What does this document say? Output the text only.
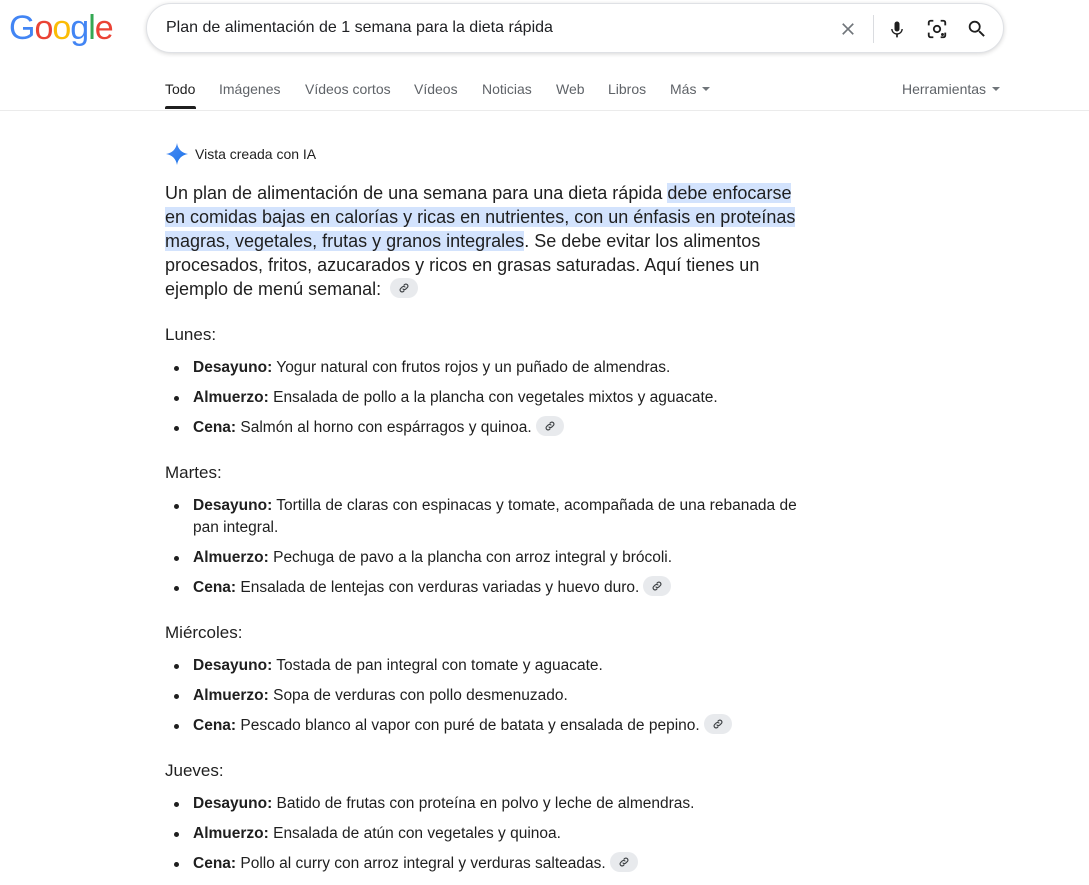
Google	Plan de alimentación de 1 semana para la dieta rápida
Todo Imágenes Vídeos cortos Vídeos Noticias Web Libros Más	Herramientas
Vista creada con IA
Un plan de alimentación de una semana para una dieta rápida debe enfocarse en comidas bajas en calorías y ricas en nutrientes, con un énfasis en proteínas magras, vegetales, frutas y granos integrales. Se debe evitar los alimentos procesados, fritos, azucarados y ricos en grasas saturadas. Aquí tienes un ejemplo de menú semanal:
Lunes:
Desayuno: Yogur natural con frutos rojos y un puñado de almendras.
Almuerzo: Ensalada de pollo a la plancha con vegetales mixtos y aguacate.
Cena: Salmón al horno con espárragos y quinoa.
Martes:
Desayuno: Tortilla de claras con espinacas y tomate, acompañada de una rebanada de pan integral.
Almuerzo: Pechuga de pavo a la plancha con arroz integral y brócoli.
Cena: Ensalada de lentejas con verduras variadas y huevo duro.
Miércoles:
Desayuno: Tostada de pan integral con tomate y aguacate.
Almuerzo: Sopa de verduras con pollo desmenuzado.
Cena: Pescado blanco al vapor con puré de batata y ensalada de pepino.
Jueves:
Desayuno: Batido de frutas con proteína en polvo y leche de almendras.
Almuerzo: Ensalada de atún con vegetales y quinoa.
Cena: Pollo al curry con arroz integral y verduras salteadas.
